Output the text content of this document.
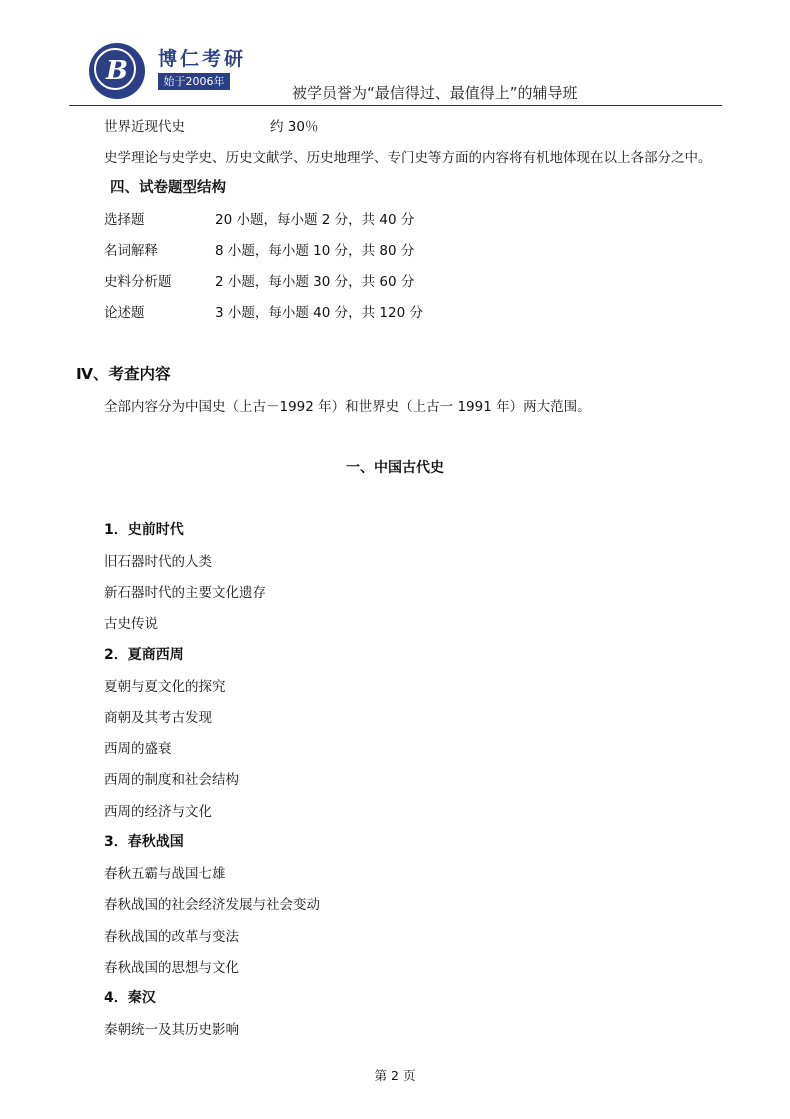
B	博仁考研
始于2006年
被学员誉为“最信得过、最值得上”的辅导班
世界近现代史	约 30％
史学理论与史学史、历史文献学、历史地理学、专门史等方面的内容将有机地体现在以上各部分之中。
四、试卷题型结构
选择题	20 小题，每小题 2 分，共 40 分
名词解释	8 小题，每小题 10 分，共 80 分
史料分析题	2 小题，每小题 30 分，共 60 分
论述题	3 小题，每小题 40 分，共 120 分
Ⅳ、考查内容
全部内容分为中国史（上古－1992 年）和世界史（上古一 1991 年）两大范围。
一、中国古代史
1．史前时代
旧石器时代的人类
新石器时代的主要文化遗存
古史传说
2．夏商西周
夏朝与夏文化的探究
商朝及其考古发现
西周的盛衰
西周的制度和社会结构
西周的经济与文化
3．春秋战国
春秋五霸与战国七雄
春秋战国的社会经济发展与社会变动
春秋战国的改革与变法
春秋战国的思想与文化
4．秦汉
秦朝统一及其历史影响
第 2 页
